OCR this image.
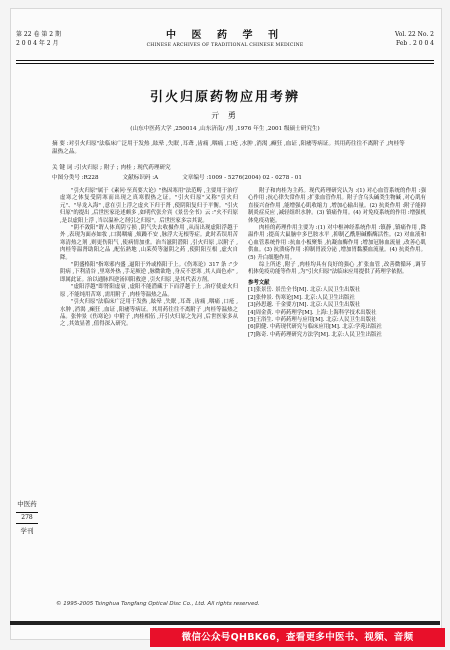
第 22 卷 第 2 期
2 0 0 4 年 2 月
中 医 药 学 刊
CHINESE ARCHIVES OF TRADITIONAL CHINESE MEDICINE
Vol. 22 No. 2
Feb . 2 0 0 4
引火归原药物应用考辨
亓 勇
(山东中医药大学 ,250014 ,山东济南/ /男 ,1976 年生 ,2001 级硕士研究生)
摘 要 :对引火归原"法临床广泛用于发热 ,眩晕 ,失眠 ,耳聋 ,齿痛 ,咽痛 ,口疮 ,水肿 ,消渴 ,癫狂 ,血证 ,阳痿等病证。其用药往往不离附子 ,肉桂等温热之品。
关 键 词 :引火归原 ; 附子 ; 肉桂 ; 现代药理研究
中图分类号 :R228	文献标识码 :A	文章编号 :1009 - 5276(2004) 02 - 0278 - 01

"引火归原"属于《素问·至真要大论》"热因寒用"法范畴 ,主要用于治疗虚寒之体复受阴寒而出现之真寒假热之证。"引火归原"又称"引火归元"、"导龙入海" ,意在引上浮之虚火下归于肾 ,使阴阳复归于平衡。"引火归原"的提出 ,后世医家论述颇多 ,如明代张介宾《景岳全书》云 :"火不归原 ,是以虚阳上浮 ,当以温补之剂引之归原"。后世医家多宗其说。

"阴不敛阳"谓人体真阴亏损 ,阴气失去收摄作用 ,从而出现虚阳浮越于外 ,表现为面赤如妆 ,口渴咽痛 ,烦躁不安 ,脉浮大无根等症。此时若误用苦寒清热之剂 ,则更伤阳气 ,使病情加重。治当滋阴潜阳 ,引火归原 ,以附子 ,肉桂等温肾助阳之品 ,配伍熟地 ,山茱萸等滋阴之药 ,使阴阳互根 ,虚火自降。

"阴盛格阳"指寒邪内盛 ,逼阳于外或格阳于上。《伤寒论》317 条 :"少阴病 ,下利清谷 ,里寒外热 ,手足厥逆 ,脉微欲绝 ,身反不恶寒 ,其人面色赤" ,即属此证。治以通脉四逆汤回阳救逆 ,引火归原 ,是其代表方剂。

"虚阳浮越"即肾阳虚衰 ,虚阳不能潜藏于下而浮越于上 ,治疗使虚火归原 ,不能纯用苦寒 ,需用附子 ,肉桂等温热之品。

"引火归原"法临床广泛用于发热 ,眩晕 ,失眠 ,耳聋 ,齿痛 ,咽痛 ,口疮 ,水肿 ,消渴 ,癫狂 ,血证 ,阳痿等病证。其用药往往不离附子 ,肉桂等温热之品。张仲景《伤寒论》中附子 ,肉桂相伍 ,开引火归原之先河 ,后世医家多从之 ,其效显著 ,值得深入研究。

附子和肉桂为主药。现代药理研究认为 :(1) 对心血管系统的作用 :强心作用 ;抗心律失常作用 ;扩张血管作用。附子含乌头碱类生物碱 ,对心肌有直接兴奋作用 ,能增强心肌收缩力 ,增加心输出量。(2) 抗炎作用 :附子能抑制炎症反应 ,减轻组织水肿。(3) 镇痛作用。(4) 对免疫系统的作用 :增强机体免疫功能。

肉桂的药理作用主要为 :(1) 对中枢神经系统作用 :镇静 ,镇痛作用 ,降温作用 ;提高大鼠脑中多巴胺水平 ,抑制乙酰胆碱酯酶活性。(2) 对血液和心血管系统作用 :抗血小板聚集 ,抗凝血酶作用 ;增加冠脉血流量 ,改善心肌供血。(3) 抗溃疡作用 :抑制胃液分泌 ,增加胃黏膜血流量。(4) 抗炎作用。(5) 升白细胞作用。

综上所述 ,附子 ,肉桂均具有良好的强心 ,扩张血管 ,改善微循环 ,调节机体免疫功能等作用 ,为"引火归原"法临床应用提供了药理学依据。

参考文献

[1]张景岳. 景岳全书[M]. 北京:人民卫生出版社

[2]张仲景. 伤寒论[M]. 北京:人民卫生出版社

[3]孙思邈. 千金要方[M]. 北京:人民卫生出版社

[4]周金黄. 中药药理学[M]. 上海:上海科学技术出版社

[5]王浴生. 中药药理与应用[M]. 北京:人民卫生出版社

[6]阴健. 中药现代研究与临床应用[M]. 北京:学苑出版社

[7]陈奇. 中药药理研究方法学[M]. 北京:人民卫生出版社

中医药
278
学刊
© 1995-2005 Tsinghua Tongfang Optical Disc Co., Ltd. All rights reserved.
微信公众号QHBK66，查看更多中医书、视频、音频
